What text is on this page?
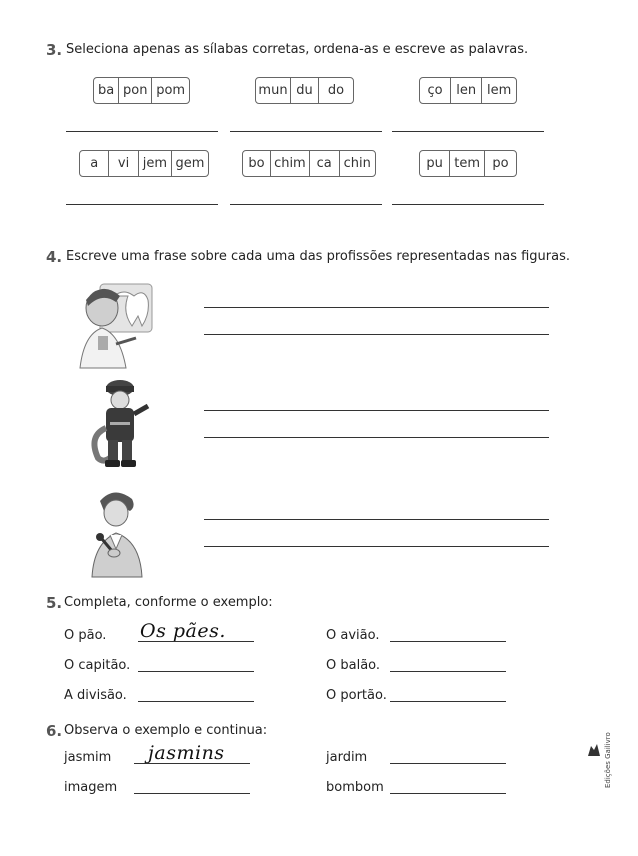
3. Seleciona apenas as sílabas corretas, ordena-as e escreve as palavras.
ba pon pom	mun du	do	ço	len lem
a	vi	jem gem	bo chim ca chin	pu tem po
4. Escreve uma frase sobre cada uma das profissões representadas nas figuras.
5. Completa, conforme o exemplo:
O pão. Os pães.	O avião.
O capitão.	O balão.
A divisão.	O portão.
6. Observa o exemplo e continua:
jasmim jasmins	jardim
imagem	bombom	Edições Gailivro
